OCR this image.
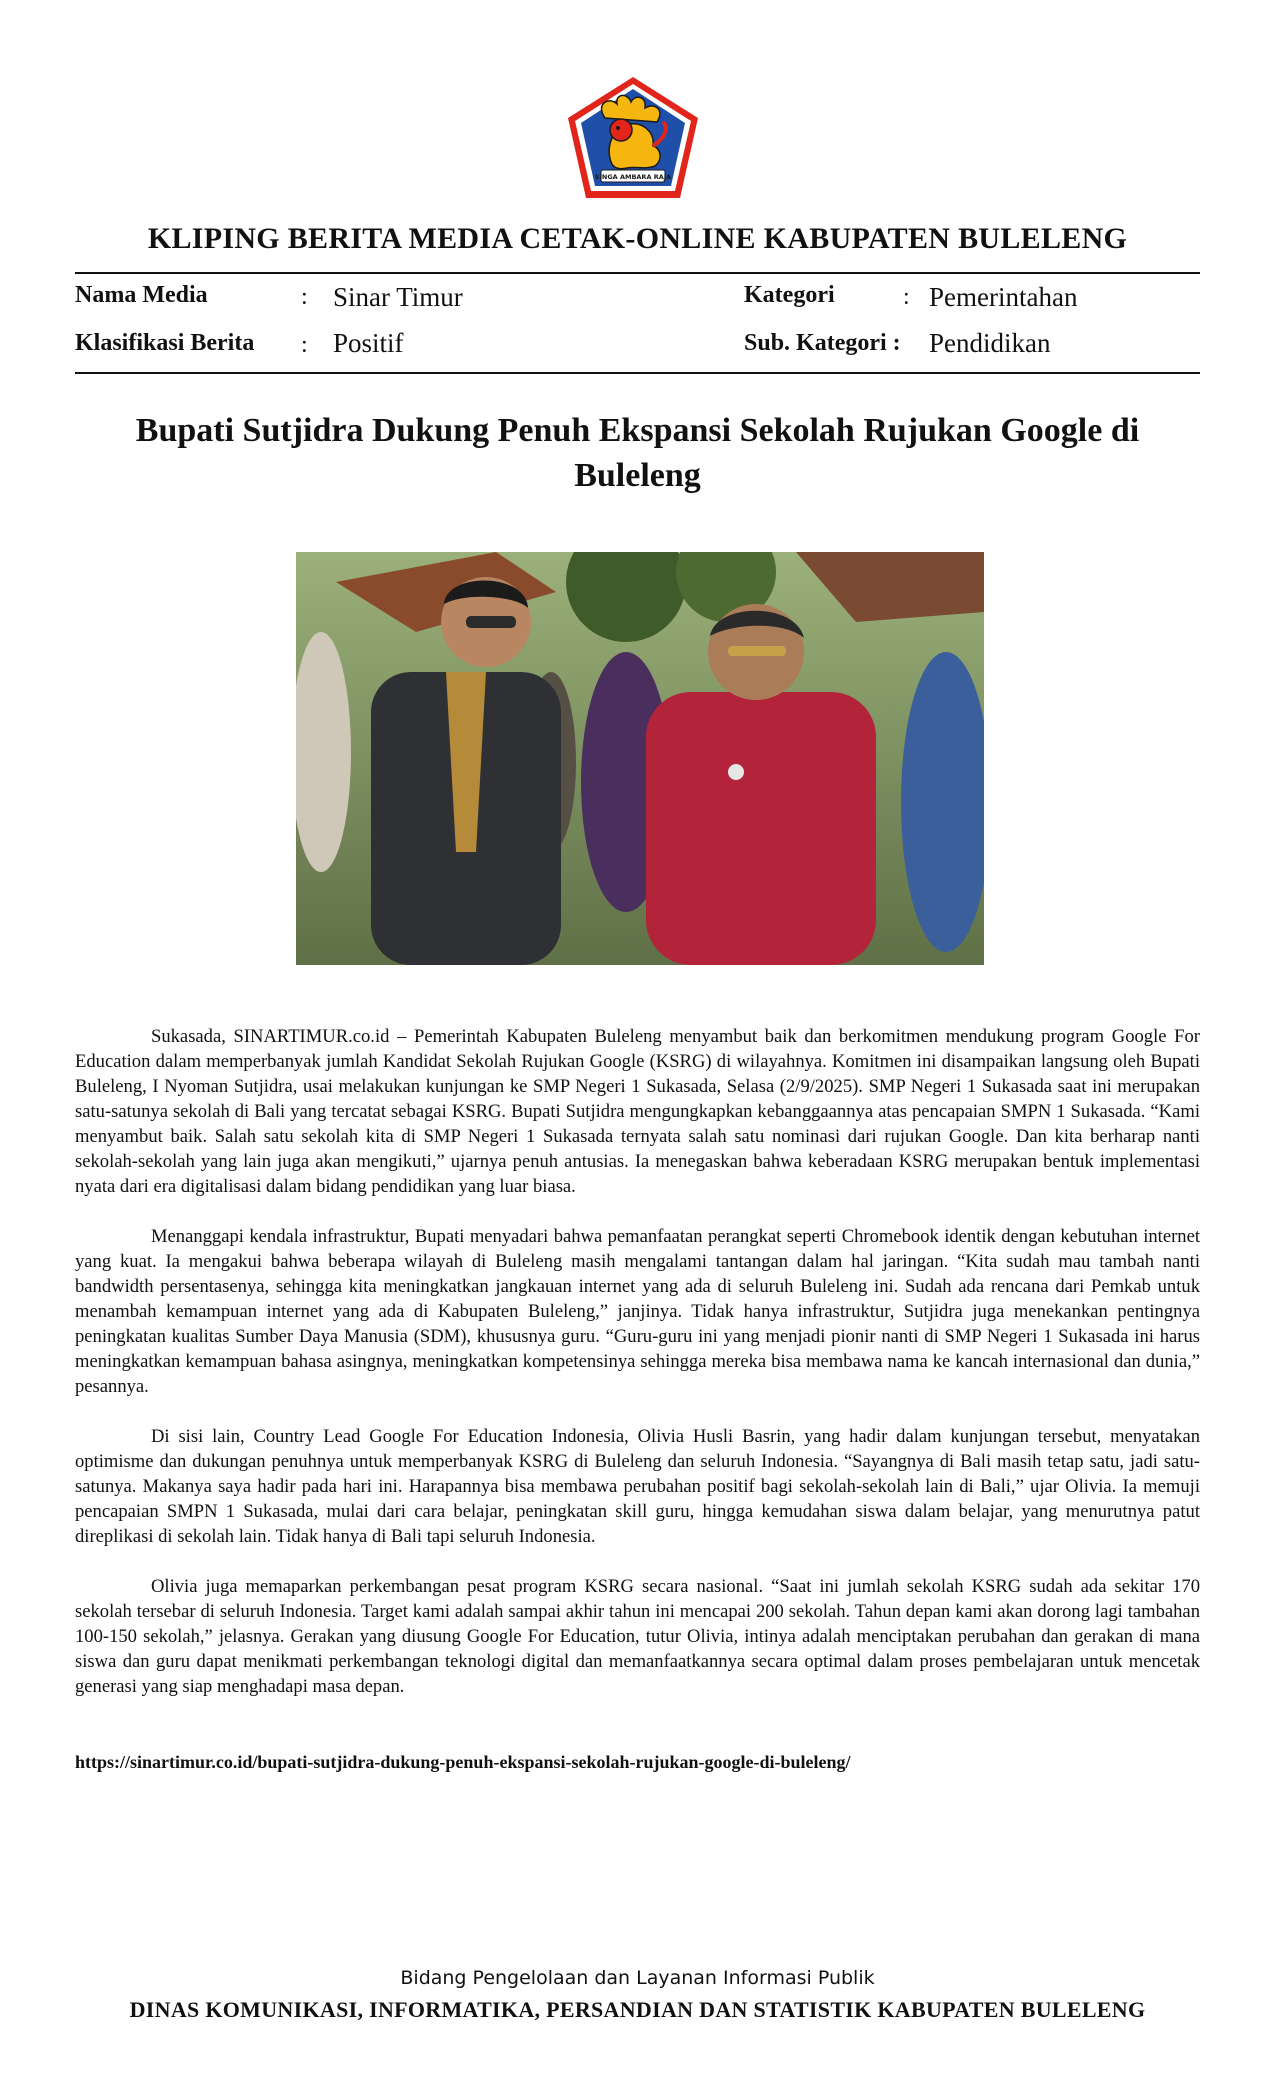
SINGA AMBARA RAJA
KLIPING BERITA MEDIA CETAK-ONLINE KABUPATEN BULELENG
Nama Media	: Sinar Timur
Klasifikasi Berita : Positif
Kategori	: Pemerintahan
Sub. Kategori : Pendidikan
Bupati Sutjidra Dukung Penuh Ekspansi Sekolah Rujukan Google di Buleleng

Sukasada, SINARTIMUR.co.id – Pemerintah Kabupaten Buleleng menyambut baik dan berkomitmen mendukung program Google For Education dalam memperbanyak jumlah Kandidat Sekolah Rujukan Google (KSRG) di wilayahnya. Komitmen ini disampaikan langsung oleh Bupati Buleleng, I Nyoman Sutjidra, usai melakukan kunjungan ke SMP Negeri 1 Sukasada, Selasa (2/9/2025). SMP Negeri 1 Sukasada saat ini merupakan satu-satunya sekolah di Bali yang tercatat sebagai KSRG. Bupati Sutjidra mengungkapkan kebanggaannya atas pencapaian SMPN 1 Sukasada. “Kami menyambut baik. Salah satu sekolah kita di SMP Negeri 1 Sukasada ternyata salah satu nominasi dari rujukan Google. Dan kita berharap nanti sekolah-sekolah yang lain juga akan mengikuti,” ujarnya penuh antusias. Ia menegaskan bahwa keberadaan KSRG merupakan bentuk implementasi nyata dari era digitalisasi dalam bidang pendidikan yang luar biasa.

Menanggapi kendala infrastruktur, Bupati menyadari bahwa pemanfaatan perangkat seperti Chromebook identik dengan kebutuhan internet yang kuat. Ia mengakui bahwa beberapa wilayah di Buleleng masih mengalami tantangan dalam hal jaringan. “Kita sudah mau tambah nanti bandwidth persentasenya, sehingga kita meningkatkan jangkauan internet yang ada di seluruh Buleleng ini. Sudah ada rencana dari Pemkab untuk menambah kemampuan internet yang ada di Kabupaten Buleleng,” janjinya. Tidak hanya infrastruktur, Sutjidra juga menekankan pentingnya peningkatan kualitas Sumber Daya Manusia (SDM), khususnya guru. “Guru-guru ini yang menjadi pionir nanti di SMP Negeri 1 Sukasada ini harus meningkatkan kemampuan bahasa asingnya, meningkatkan kompetensinya sehingga mereka bisa membawa nama ke kancah internasional dan dunia,” pesannya.

Di sisi lain, Country Lead Google For Education Indonesia, Olivia Husli Basrin, yang hadir dalam kunjungan tersebut, menyatakan optimisme dan dukungan penuhnya untuk memperbanyak KSRG di Buleleng dan seluruh Indonesia. “Sayangnya di Bali masih tetap satu, jadi satu-satunya. Makanya saya hadir pada hari ini. Harapannya bisa membawa perubahan positif bagi sekolah-sekolah lain di Bali,” ujar Olivia. Ia memuji pencapaian SMPN 1 Sukasada, mulai dari cara belajar, peningkatan skill guru, hingga kemudahan siswa dalam belajar, yang menurutnya patut direplikasi di sekolah lain. Tidak hanya di Bali tapi seluruh Indonesia.

Olivia juga memaparkan perkembangan pesat program KSRG secara nasional. “Saat ini jumlah sekolah KSRG sudah ada sekitar 170 sekolah tersebar di seluruh Indonesia. Target kami adalah sampai akhir tahun ini mencapai 200 sekolah. Tahun depan kami akan dorong lagi tambahan 100-150 sekolah,” jelasnya. Gerakan yang diusung Google For Education, tutur Olivia, intinya adalah menciptakan perubahan dan gerakan di mana siswa dan guru dapat menikmati perkembangan teknologi digital dan memanfaatkannya secara optimal dalam proses pembelajaran untuk mencetak generasi yang siap menghadapi masa depan.

https://sinartimur.co.id/bupati-sutjidra-dukung-penuh-ekspansi-sekolah-rujukan-google-di-buleleng/
Bidang Pengelolaan dan Layanan Informasi Publik
DINAS KOMUNIKASI, INFORMATIKA, PERSANDIAN DAN STATISTIK KABUPATEN BULELENG
